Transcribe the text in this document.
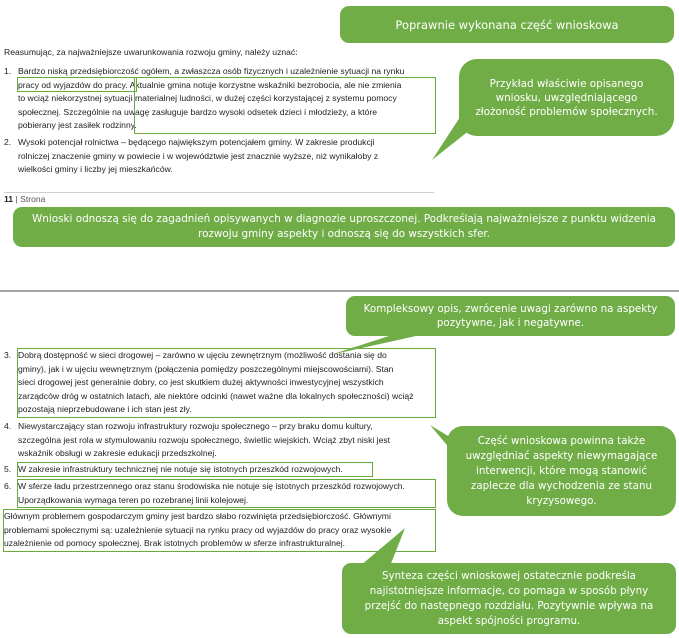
Reasumując, za najważniejsze uwarunkowania rozwoju gminy, należy uznać:
1. Bardzo niską przedsiębiorczość ogółem, a zwłaszcza osób fizycznych i uzależnienie sytuacji na rynku
pracy od wyjazdów do pracy. Aktualnie gmina notuje korzystne wskaźniki bezrobocia, ale nie zmienia
to wciąż niekorzystnej sytuacji materialnej ludności, w dużej części korzystającej z systemu pomocy
społecznej. Szczególnie na uwagę zasługuje bardzo wysoki odsetek dzieci i młodzieży, a które
pobierany jest zasiłek rodzinny.
2. Wysoki potencjał rolnictwa – będącego największym potencjałem gminy. W zakresie produkcji
rolniczej znaczenie gminy w powiecie i w województwie jest znacznie wyższe, niż wynikałoby z
wielkości gminy i liczby jej mieszkańców.
11 | Strona
3. Dobrą dostępność w sieci drogowej – zarówno w ujęciu zewnętrznym (możliwość dostania się do
gminy), jak i w ujęciu wewnętrznym (połączenia pomiędzy poszczególnymi miejscowościami). Stan
sieci drogowej jest generalnie dobry, co jest skutkiem dużej aktywności inwestycyjnej wszystkich
zarządców dróg w ostatnich latach, ale niektóre odcinki (nawet ważne dla lokalnych społeczności) wciąż
pozostają nieprzebudowane i ich stan jest zły.
4. Niewystarczający stan rozwoju infrastruktury rozwoju społecznego – przy braku domu kultury,
szczególna jest rola w stymulowaniu rozwoju społecznego, świetlic wiejskich. Wciąż zbyt niski jest
wskaźnik obsługi w zakresie edukacji przedszkolnej.
5. W zakresie infrastruktury technicznej nie notuje się istotnych przeszkód rozwojowych.
6. W sferze ładu przestrzennego oraz stanu środowiska nie notuje się istotnych przeszkód rozwojowych.
Uporządkowania wymaga teren po rozebranej linii kolejowej.
Głównym problemem gospodarczym gminy jest bardzo słabo rozwinięta przedsiębiorczość. Głównymi
problemami społecznymi są: uzależnienie sytuacji na rynku pracy od wyjazdów do pracy oraz wysokie
uzależnienie od pomocy społecznej. Brak istotnych problemów w sferze infrastrukturalnej.
Poprawnie wykonana część wnioskowa
Przykład właściwie opisanego wniosku, uwzględniającego złożoność problemów społecznych.
Wnioski odnoszą się do zagadnień opisywanych w diagnozie uproszczonej. Podkreślają najważniejsze z punktu widzenia rozwoju gminy aspekty i odnoszą się do wszystkich sfer.
Kompleksowy opis, zwrócenie uwagi zarówno na aspekty pozytywne, jak i negatywne.
Część wnioskowa powinna także uwzględniać aspekty niewymagające interwencji, które mogą stanowić zaplecze dla wychodzenia ze stanu kryzysowego.
Synteza części wnioskowej ostatecznie podkreśla najistotniejsze informacje, co pomaga w sposób płyny przejść do następnego rozdziału. Pozytywnie wpływa na aspekt spójności programu.
